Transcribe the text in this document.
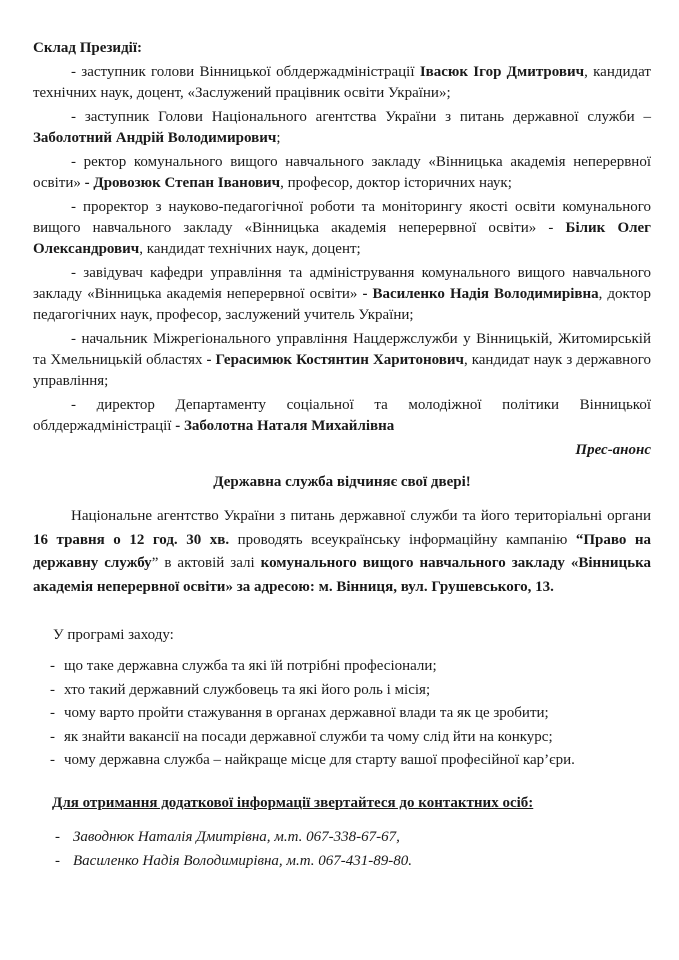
Склад Президії:

- заступник голови Вінницької облдержадміністрації Івасюк Ігор Дмитрович, кандидат технічних наук, доцент, «Заслужений працівник освіти України»;

- заступник Голови Національного агентства України з питань державної служби – Заболотний Андрій Володимирович;

- ректор комунального вищого навчального закладу «Вінницька академія неперервної освіти» - Дровозюк Степан Іванович, професор, доктор історичних наук;

- проректор з науково-педагогічної роботи та моніторингу якості освіти комунального вищого навчального закладу «Вінницька академія неперервної освіти» - Білик Олег Олександрович, кандидат технічних наук, доцент;

- завідувач кафедри управління та адміністрування комунального вищого навчального закладу «Вінницька академія неперервної освіти» - Василенко Надія Володимирівна, доктор педагогічних наук, професор, заслужений учитель України;

- начальник Міжрегіонального управління Нацдержслужби у Вінницькій, Житомирській та Хмельницькій областях - Герасимюк Костянтин Харитонович, кандидат наук з державного управління;

- директор Департаменту соціальної та молодіжної політики Вінницької облдержадміністрації - Заболотна Наталя Михайлівна

Прес-анонс
Державна служба відчиняє свої двері!

Національне агентство України з питань державної служби та його територіальні органи 16 травня о 12 год. 30 хв. проводять всеукраїнську інформаційну кампанію “Право на державну службу” в актовій залі комунального вищого навчального закладу «Вінницька академія неперервної освіти» за адресою: м. Вінниця, вул. Грушевського, 13.

У програмі заходу:
- що таке державна служба та які їй потрібні професіонали;
- хто такий державний службовець та які його роль і місія;
- чому варто пройти стажування в органах державної влади та як це зробити;
- як знайти вакансії на посади державної служби та чому слід йти на конкурс;
- чому державна служба – найкраще місце для старту вашої професійної кар’єри.
Для отримання додаткової інформації звертайтеся до контактних осіб:
- Заводнюк Наталія Дмитрівна, м.т. 067-338-67-67,
- Василенко Надія Володимирівна, м.т. 067-431-89-80.
